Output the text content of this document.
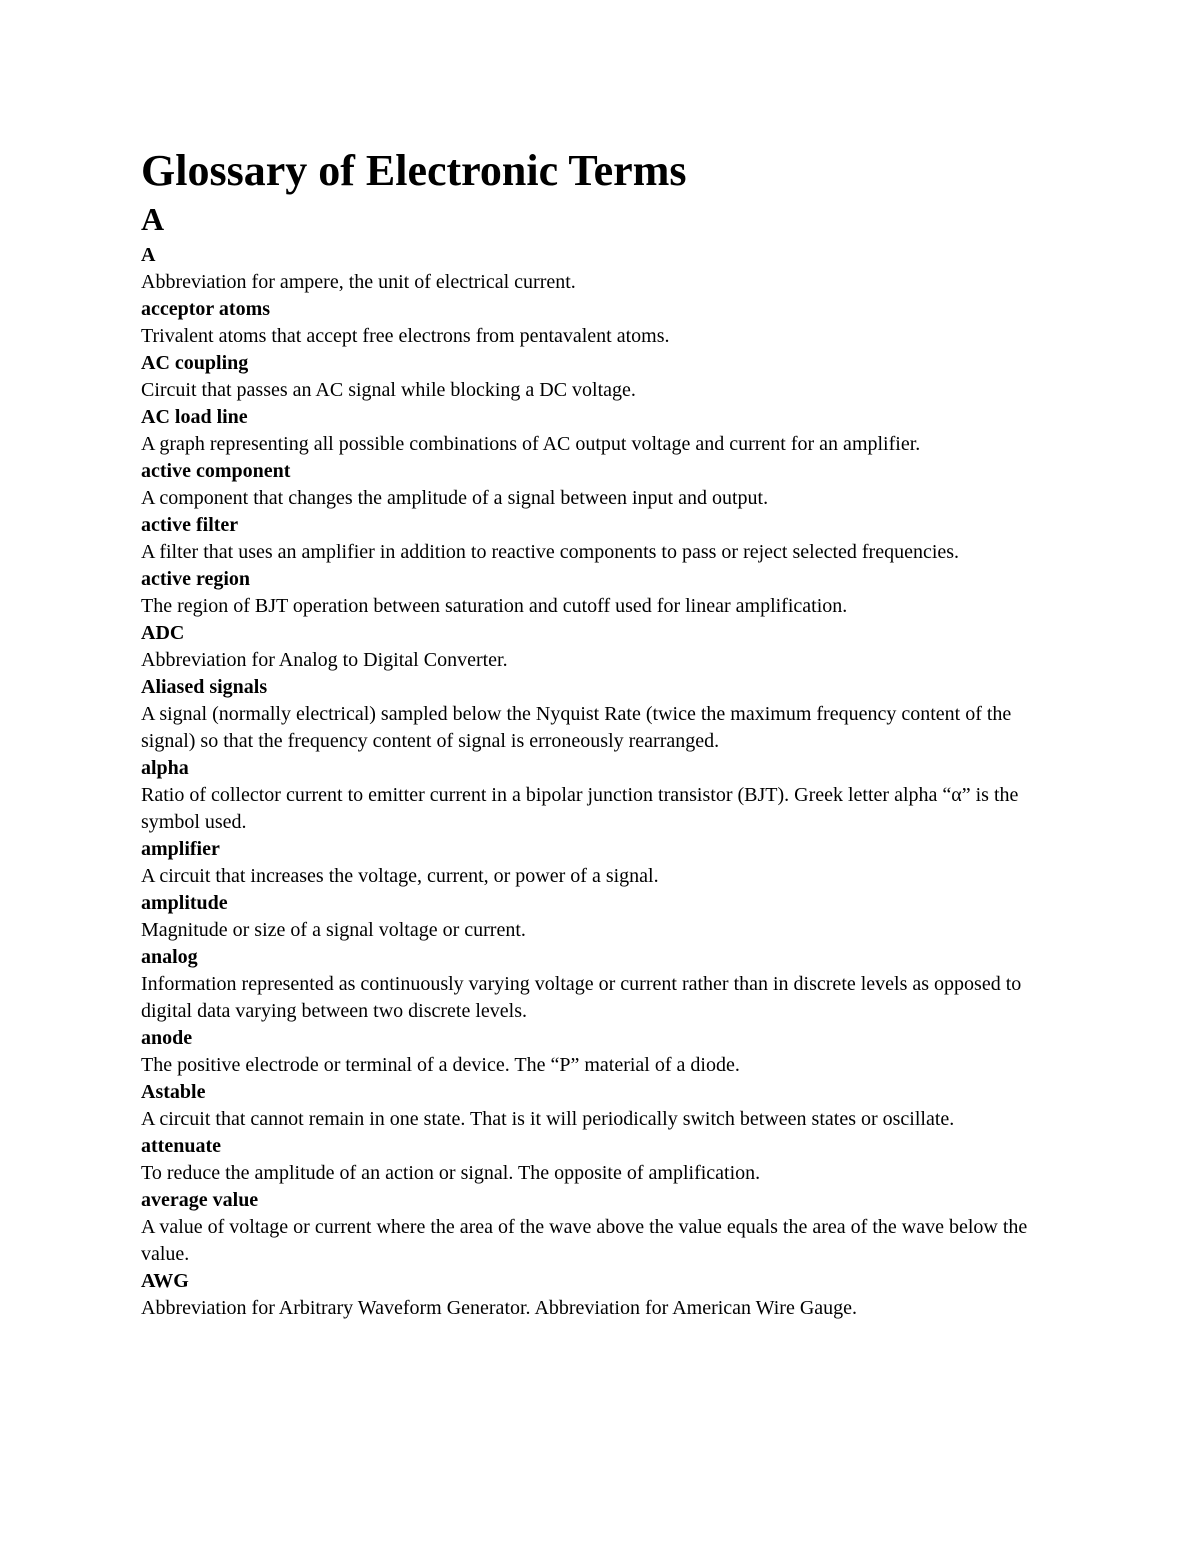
Glossary of Electronic Terms
A
A
Abbreviation for ampere, the unit of electrical current.
acceptor atoms
Trivalent atoms that accept free electrons from pentavalent atoms.
AC coupling
Circuit that passes an AC signal while blocking a DC voltage.
AC load line
A graph representing all possible combinations of AC output voltage and current for an amplifier.
active component
A component that changes the amplitude of a signal between input and output.
active filter
A filter that uses an amplifier in addition to reactive components to pass or reject selected frequencies.
active region
The region of BJT operation between saturation and cutoff used for linear amplification.
ADC
Abbreviation for Analog to Digital Converter.
Aliased signals
A signal (normally electrical) sampled below the Nyquist Rate (twice the maximum frequency content of the signal) so that the frequency content of signal is erroneously rearranged.
alpha
Ratio of collector current to emitter current in a bipolar junction transistor (BJT). Greek letter alpha “α” is the symbol used.
amplifier
A circuit that increases the voltage, current, or power of a signal.
amplitude
Magnitude or size of a signal voltage or current.
analog
Information represented as continuously varying voltage or current rather than in discrete levels as opposed to digital data varying between two discrete levels.
anode
The positive electrode or terminal of a device. The “P” material of a diode.
Astable
A circuit that cannot remain in one state. That is it will periodically switch between states or oscillate.
attenuate
To reduce the amplitude of an action or signal. The opposite of amplification.
average value
A value of voltage or current where the area of the wave above the value equals the area of the wave below the value.
AWG
Abbreviation for Arbitrary Waveform Generator. Abbreviation for American Wire Gauge.
